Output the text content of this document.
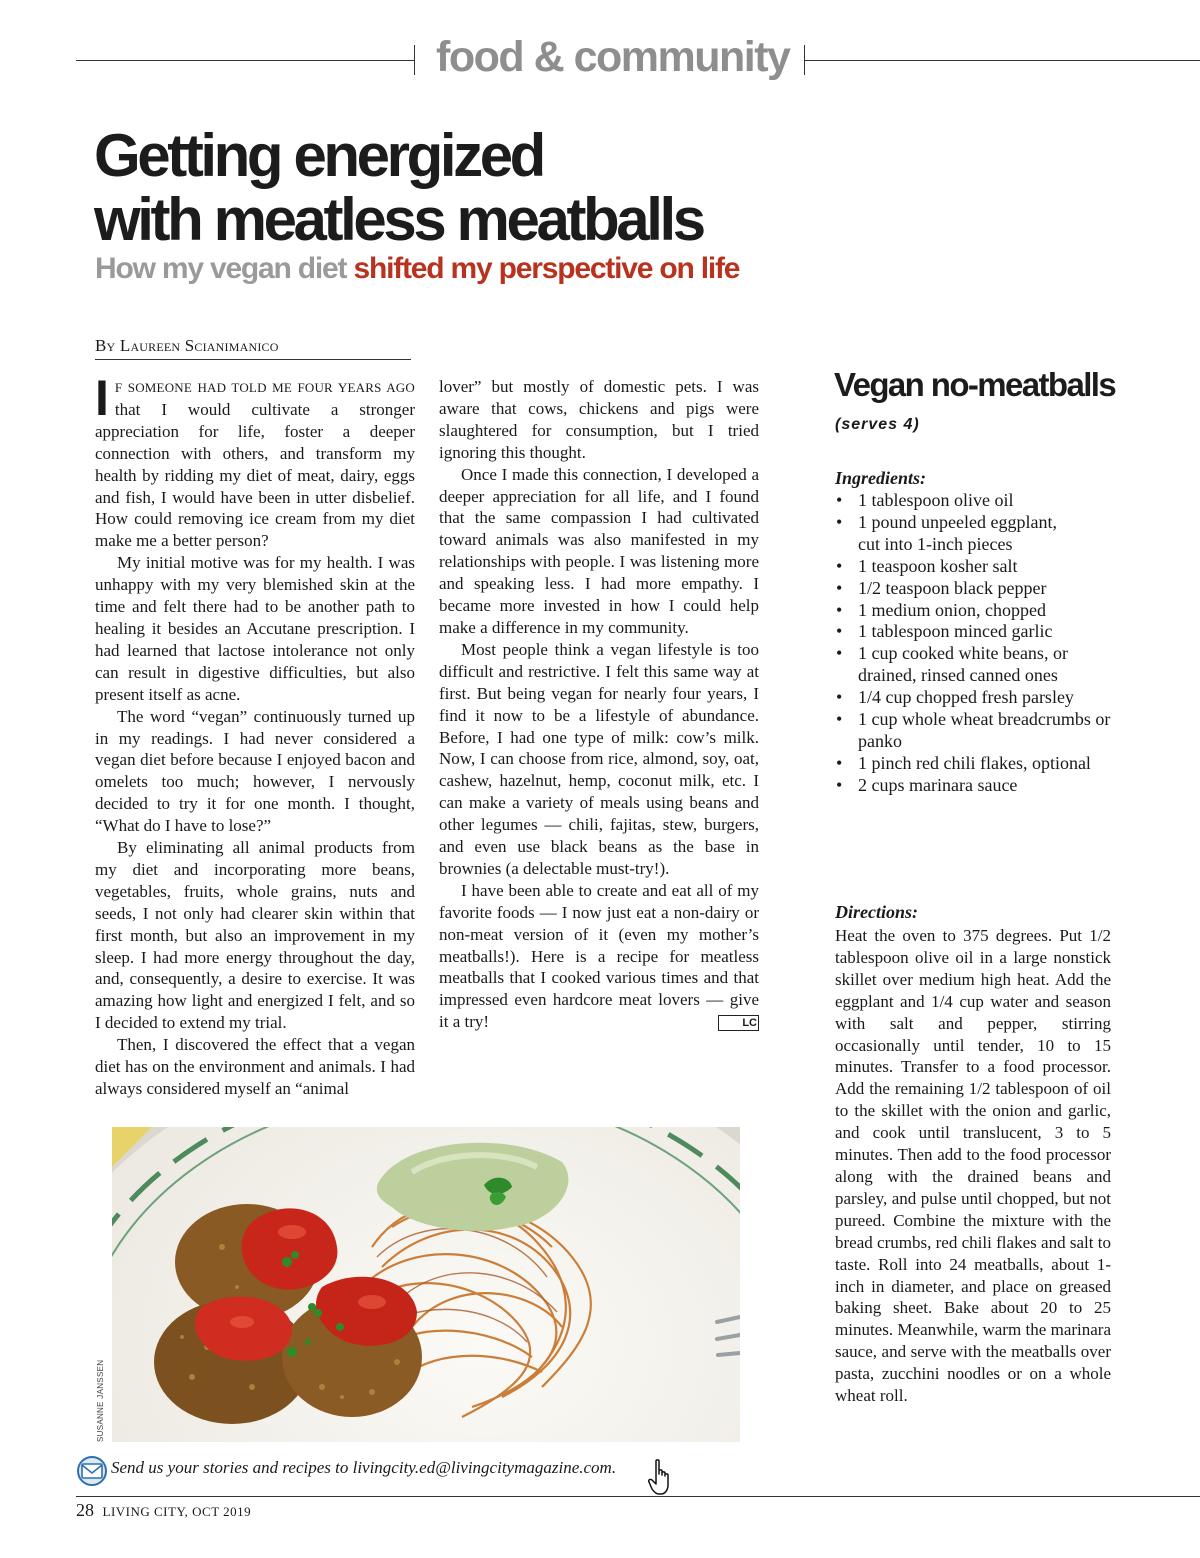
food & community
Getting energized
with meatless meatballs
How my vegan diet shifted my perspective on life
By Laureen Scianimanico

I F SOMEONE HAD TOLD ME FOUR YEARS AGO that I would cultivate a stronger appreciation for life, foster a deeper connection with others, and transform my health by ridding my diet of meat, dairy, eggs and fish, I would have been in utter disbelief. How could removing ice cream from my diet make me a better person?

My initial motive was for my health. I was unhappy with my very blemished skin at the time and felt there had to be another path to healing it besides an Accutane prescription. I had learned that lactose intolerance not only can result in digestive difficulties, but also present itself as acne.

The word “vegan” continuously turned up in my readings. I had never considered a vegan diet before because I enjoyed bacon and omelets too much; however, I nervously decided to try it for one month. I thought, “What do I have to lose?”

By eliminating all animal products from my diet and incorporating more beans, vegetables, fruits, whole grains, nuts and seeds, I not only had clearer skin within that first month, but also an improvement in my sleep. I had more energy throughout the day, and, consequently, a desire to exercise. It was amazing how light and energized I felt, and so I decided to extend my trial.

Then, I discovered the effect that a vegan diet has on the environment and animals. I had always considered myself an “animal

lover” but mostly of domestic pets. I was aware that cows, chickens and pigs were slaughtered for consumption, but I tried ignoring this thought.

Once I made this connection, I developed a deeper appreciation for all life, and I found that the same compassion I had cultivated toward animals was also manifested in my relationships with people. I was listening more and speaking less. I had more empathy. I became more invested in how I could help make a difference in my community.

Most people think a vegan lifestyle is too difficult and restrictive. I felt this same way at first. But being vegan for nearly four years, I find it now to be a lifestyle of abundance. Before, I had one type of milk: cow’s milk. Now, I can choose from rice, almond, soy, oat, cashew, hazelnut, hemp, coconut milk, etc. I can make a variety of meals using beans and other legumes — chili, fajitas, stew, burgers, and even use black beans as the base in brownies (a delectable must-try!).

I have been able to create and eat all of my favorite foods — I now just eat a non-dairy or non-meat version of it (even my mother’s meatballs!). Here is a recipe for meatless meatballs that I cooked various times and that impressed even hardcore meat lovers — give it a try!	LC

Vegan no-meatballs
(serves 4)
Ingredients:
• 1 tablespoon olive oil
• 1 pound unpeeled eggplant, cut into 1-inch pieces
• 1 teaspoon kosher salt
• 1/2 teaspoon black pepper
• 1 medium onion, chopped
• 1 tablespoon minced garlic
• 1 cup cooked white beans, or drained, rinsed canned ones
• 1/4 cup chopped fresh parsley
• 1 cup whole wheat breadcrumbs or panko
• 1 pinch red chili flakes, optional
• 2 cups marinara sauce
Directions:
Heat the oven to 375 degrees. Put 1/2 tablespoon olive oil in a large nonstick skillet over medium high heat. Add the eggplant and 1/4 cup water and season with salt and pepper, stirring occasionally until tender, 10 to 15 minutes. Transfer to a food processor. Add the remaining 1/2 tablespoon of oil to the skillet with the onion and garlic, and cook until translucent, 3 to 5 minutes. Then add to the food processor along with the drained beans and parsley, and pulse until chopped, but not pureed. Combine the mixture with the bread crumbs, red chili flakes and salt to taste. Roll into 24 meatballs, about 1-inch in diameter, and place on greased baking sheet. Bake about 20 to 25 minutes. Meanwhile, warm the marinara sauce, and serve with the meatballs over pasta, zucchini noodles or on a whole wheat roll.
SUSANNE JANSSEN
Send us your stories and recipes to livingcity.ed@livingcitymagazine.com.
28 LIVING CITY, OCT 2019
